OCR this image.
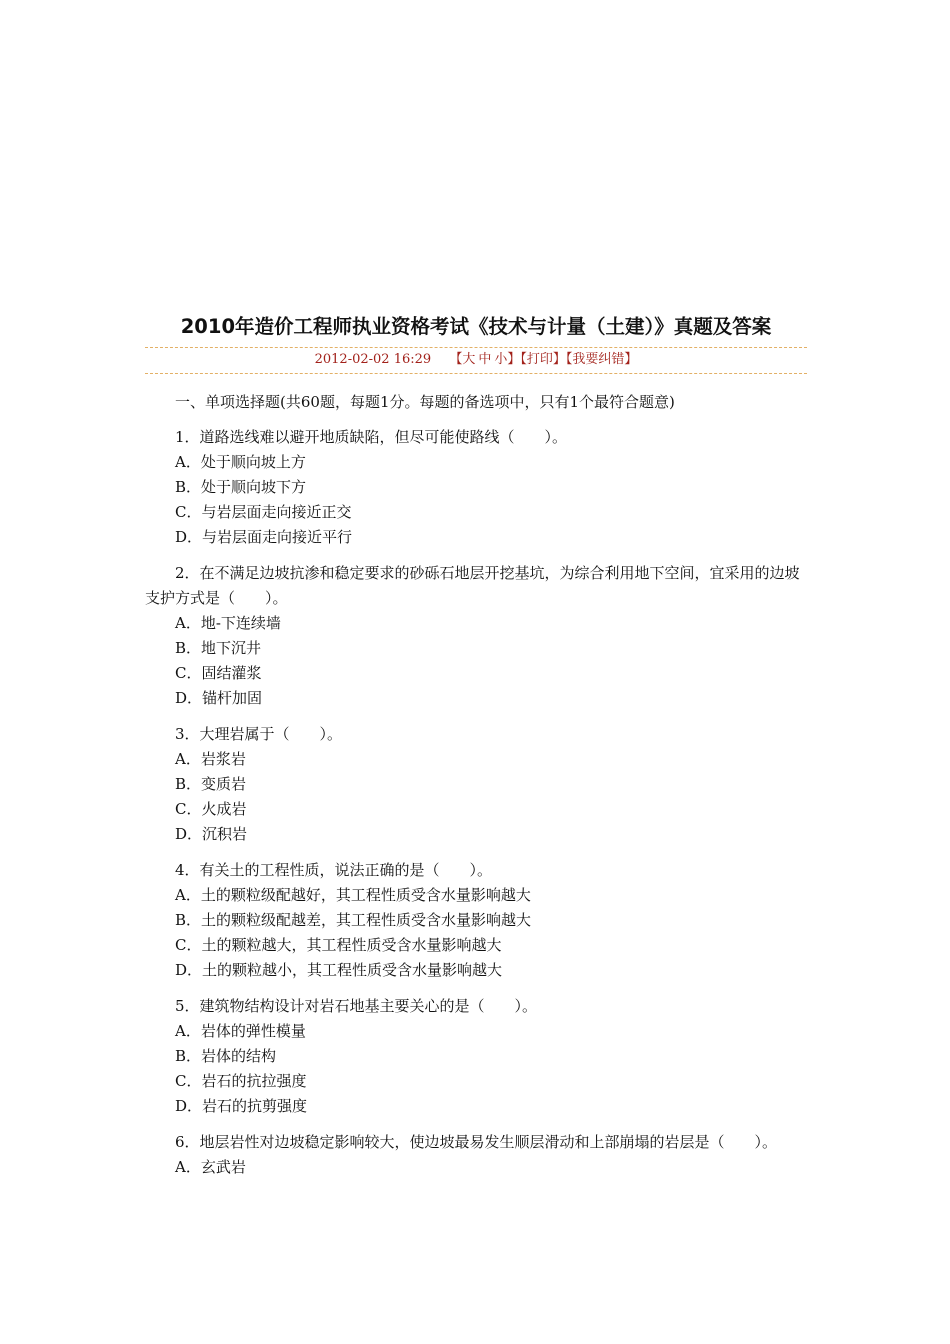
2010年造价工程师执业资格考试《技术与计量（土建）》真题及答案
2012-02-02 16:29 【大 中 小】【打印】【我要纠错】

一、单项选择题(共60题，每题1分。每题的备选项中，只有1个最符合题意)

1．道路选线难以避开地质缺陷，但尽可能使路线（　　）。

A．处于顺向坡上方

B．处于顺向坡下方

C．与岩层面走向接近正交

D．与岩层面走向接近平行

2．在不满足边坡抗渗和稳定要求的砂砾石地层开挖基坑，为综合利用地下空间，宜采用的边坡支护方式是（　　）。

A．地-下连续墙

B．地下沉井

C．固结灌浆

D．锚杆加固

3．大理岩属于（　　）。

A．岩浆岩

B．变质岩

C．火成岩

D．沉积岩

4．有关土的工程性质，说法正确的是（　　）。

A．土的颗粒级配越好，其工程性质受含水量影响越大

B．土的颗粒级配越差，其工程性质受含水量影响越大

C．土的颗粒越大，其工程性质受含水量影响越大

D．土的颗粒越小，其工程性质受含水量影响越大

5．建筑物结构设计对岩石地基主要关心的是（　　）。

A．岩体的弹性模量

B．岩体的结构

C．岩石的抗拉强度

D．岩石的抗剪强度

6．地层岩性对边坡稳定影响较大，使边坡最易发生顺层滑动和上部崩塌的岩层是（　　）。

A．玄武岩
